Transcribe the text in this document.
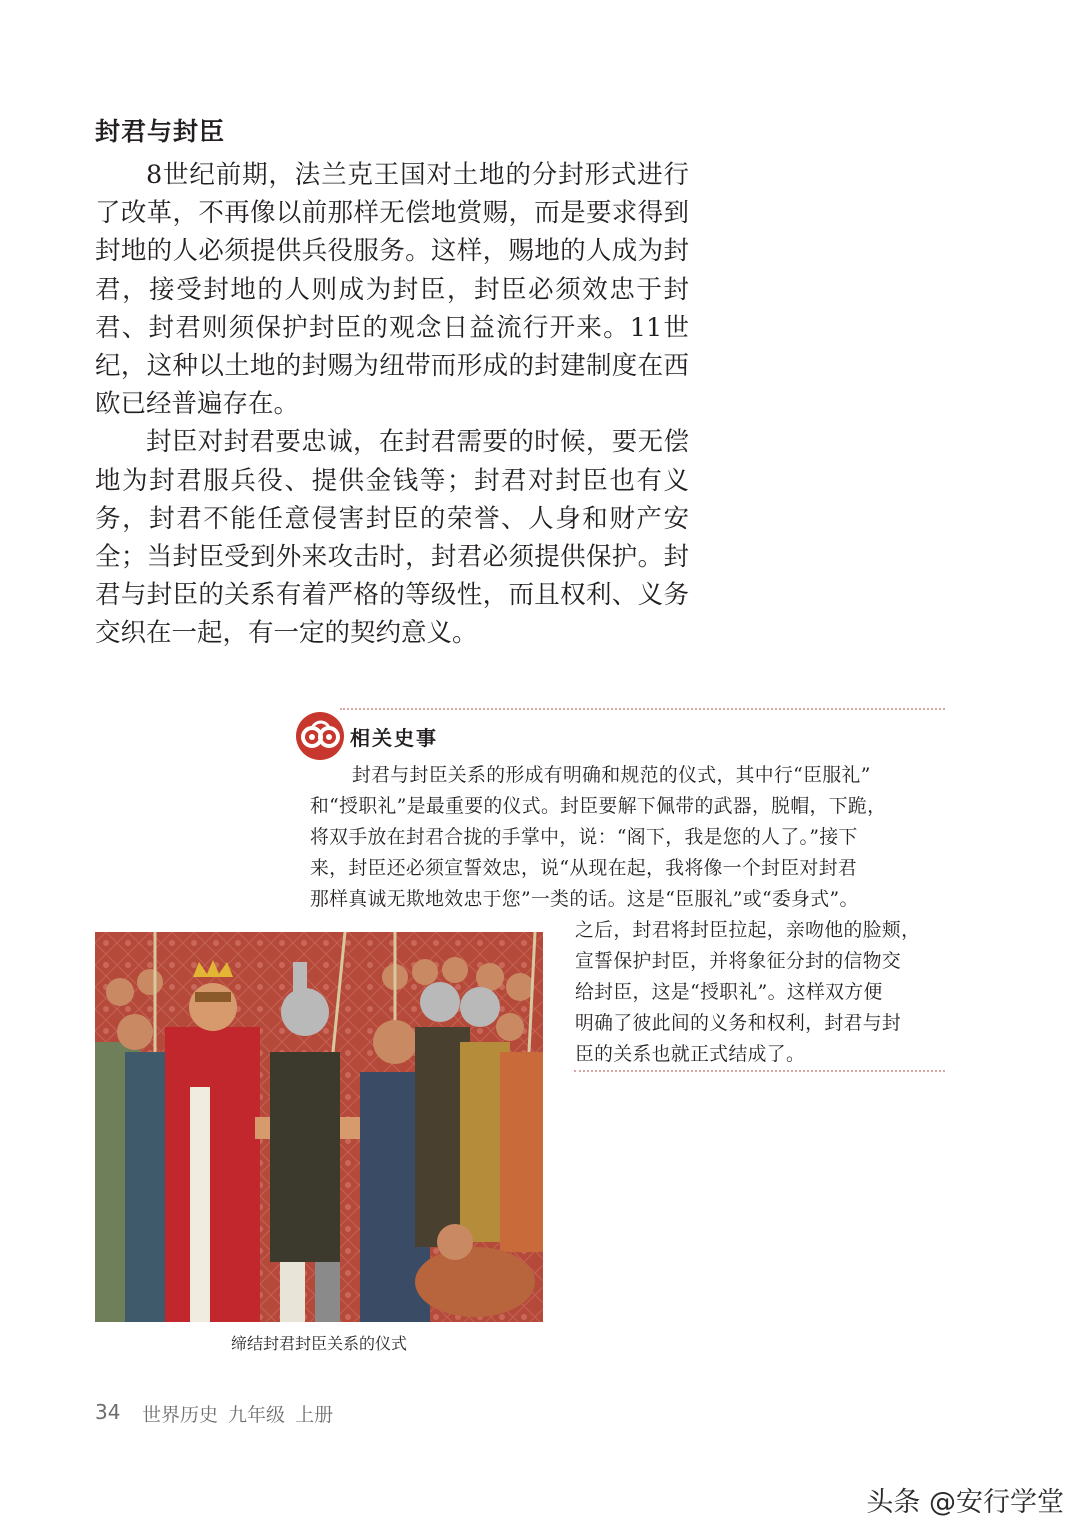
封君与封臣

8世纪前期，法兰克王国对土地的分封形式进行了改革，不再像以前那样无偿地赏赐，而是要求得到封地的人必须提供兵役服务。这样，赐地的人成为封君，接受封地的人则成为封臣，封臣必须效忠于封君、封君则须保护封臣的观念日益流行开来。11世纪，这种以土地的封赐为纽带而形成的封建制度在西欧已经普遍存在。

封臣对封君要忠诚，在封君需要的时候，要无偿地为封君服兵役、提供金钱等；封君对封臣也有义务，封君不能任意侵害封臣的荣誉、人身和财产安全；当封臣受到外来攻击时，封君必须提供保护。封君与封臣的关系有着严格的等级性，而且权利、义务交织在一起，有一定的契约意义。

相关史事
封君与封臣关系的形成有明确和规范的仪式，其中行“臣服礼”
和“授职礼”是最重要的仪式。封臣要解下佩带的武器，脱帽，下跪，
将双手放在封君合拢的手掌中，说：“阁下，我是您的人了。”接下
来，封臣还必须宣誓效忠，说“从现在起，我将像一个封臣对封君
那样真诚无欺地效忠于您”一类的话。这是“臣服礼”或“委身式”。
之后，封君将封臣拉起，亲吻他的脸颊，
宣誓保护封臣，并将象征分封的信物交
给封臣，这是“授职礼”。这样双方便
明确了彼此间的义务和权利，封君与封
臣的关系也就正式结成了。
缔结封君封臣关系的仪式
34 世界历史 九年级 上册
头条 @安行学堂
